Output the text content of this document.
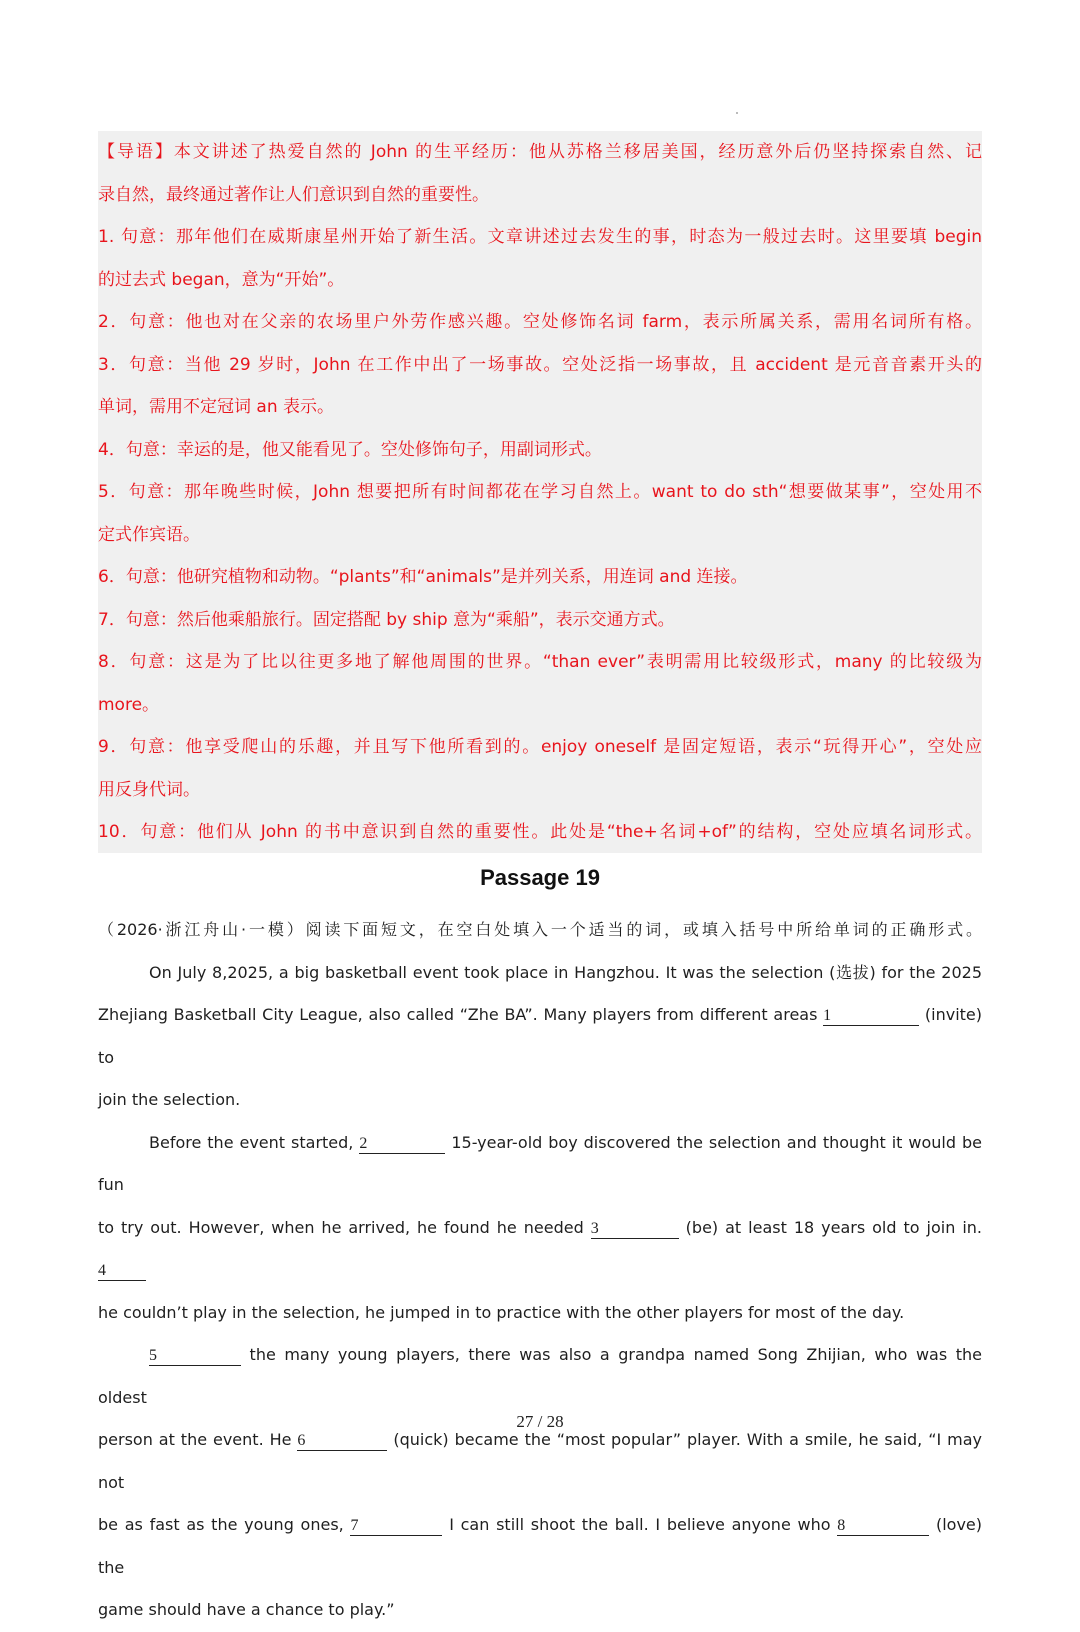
【导语】本文讲述了热爱自然的 John 的生平经历：他从苏格兰移居美国，经历意外后仍坚持探索自然、记

录自然，最终通过著作让人们意识到自然的重要性。

1. 句意：那年他们在威斯康星州开始了新生活。文章讲述过去发生的事，时态为一般过去时。这里要填 begin

的过去式 began，意为“开始”。

2．句意：他也对在父亲的农场里户外劳作感兴趣。空处修饰名词 farm，表示所属关系，需用名词所有格。

3．句意：当他 29 岁时，John 在工作中出了一场事故。空处泛指一场事故，且 accident 是元音音素开头的

单词，需用不定冠词 an 表示。

4．句意：幸运的是，他又能看见了。空处修饰句子，用副词形式。

5．句意：那年晚些时候，John 想要把所有时间都花在学习自然上。want to do sth“想要做某事”，空处用不

定式作宾语。

6．句意：他研究植物和动物。“plants”和“animals”是并列关系，用连词 and 连接。

7．句意：然后他乘船旅行。固定搭配 by ship 意为“乘船”，表示交通方式。

8．句意：这是为了比以往更多地了解他周围的世界。“than ever”表明需用比较级形式，many 的比较级为

more。

9．句意：他享受爬山的乐趣，并且写下他所看到的。enjoy oneself 是固定短语，表示“玩得开心”，空处应

用反身代词。

10．句意：他们从 John 的书中意识到自然的重要性。此处是“the+名词+of”的结构，空处应填名词形式。

Passage 19

（2026·浙江舟山·一模）阅读下面短文，在空白处填入一个适当的词，或填入括号中所给单词的正确形式。

On July 8,2025, a big basketball event took place in Hangzhou. It was the selection (选拔) for the 2025

Zhejiang Basketball City League, also called “Zhe BA”. Many players from different areas 1	(invite) to

join the selection.

Before the event started, 2	15-year-old boy discovered the selection and thought it would be fun

to try out. However, when he arrived, he found he needed 3	(be) at least 18 years old to join in. 4

he couldn’t play in the selection, he jumped in to practice with the other players for most of the day.

5	the many young players, there was also a grandpa named Song Zhijian, who was the oldest

person at the event. He 6	(quick) became the “most popular” player. With a smile, he said, “I may not

be as fast as the young ones, 7	I can still shoot the ball. I believe anyone who 8	(love) the

game should have a chance to play.”

27 / 28
